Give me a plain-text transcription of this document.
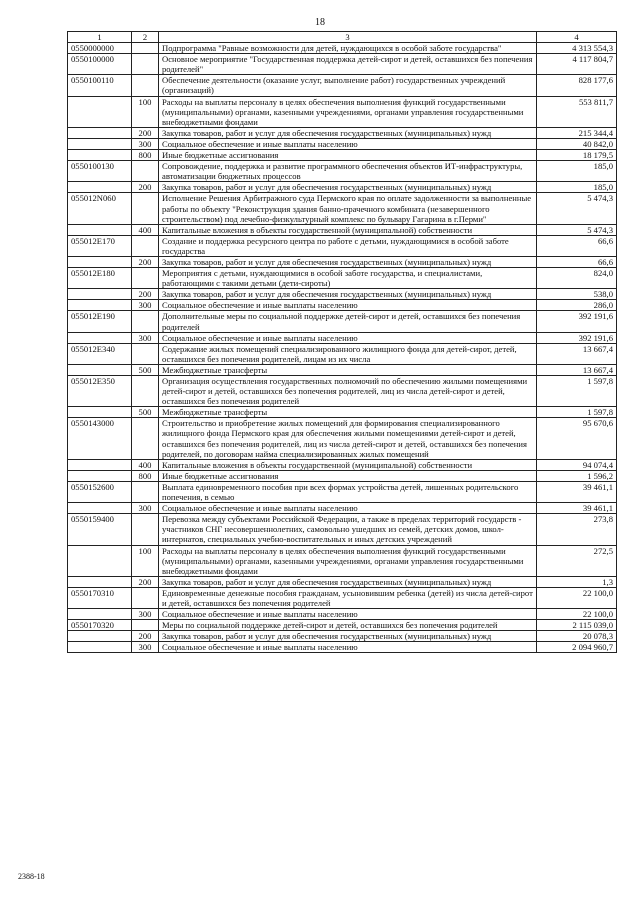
18
1	2	3	4
0550000000		Подпрограмма "Равные возможности для детей, нуждающихся в особой заботе государства"	4 313 554,3
0550100000		Основное мероприятие "Государственная поддержка детей-сирот и детей, оставшихся без попечения родителей"	4 117 804,7
0550100110		Обеспечение деятельности (оказание услуг, выполнение работ) государственных учреждений (организаций)	828 177,6
	100	Расходы на выплаты персоналу в целях обеспечения выполнения функций государственными (муниципальными) органами, казенными учреждениями, органами управления государственными внебюджетными фондами	553 811,7
	200	Закупка товаров, работ и услуг для обеспечения государственных (муниципальных) нужд	215 344,4
	300	Социальное обеспечение и иные выплаты населению	40 842,0
	800	Иные бюджетные ассигнования	18 179,5
0550100130		Сопровождение, поддержка и развитие программного обеспечения объектов ИТ-инфраструктуры, автоматизации бюджетных процессов	185,0
	200	Закупка товаров, работ и услуг для обеспечения государственных (муниципальных) нужд	185,0
055012N060		Исполнение Решения Арбитражного суда Пермского края по оплате задолженности за выполненные работы по объекту "Реконструкция здания банно-прачечного комбината (незавершенного строительством) под лечебно-физкультурный комплекс по бульвару Гагарина в г.Перми"	5 474,3
	400	Капитальные вложения в объекты государственной (муниципальной) собственности	5 474,3
055012Е170		Создание и поддержка ресурсного центра по работе с детьми, нуждающимися в особой заботе государства	66,6
	200	Закупка товаров, работ и услуг для обеспечения государственных (муниципальных) нужд	66,6
055012Е180		Мероприятия с детьми, нуждающимися в особой заботе государства, и специалистами, работающими с такими детьми (дети-сироты)	824,0
	200	Закупка товаров, работ и услуг для обеспечения государственных (муниципальных) нужд	538,0
	300	Социальное обеспечение и иные выплаты населению	286,0
055012Е190		Дополнительные меры по социальной поддержке детей-сирот и детей, оставшихся без попечения родителей	392 191,6
	300	Социальное обеспечение и иные выплаты населению	392 191,6
055012Е340		Содержание жилых помещений специализированного жилищного фонда для детей-сирот, детей, оставшихся без попечения родителей, лицам из их числа	13 667,4
	500	Межбюджетные трансферты	13 667,4
055012Е350		Организация осуществления государственных полномочий по обеспечению жилыми помещениями детей-сирот и детей, оставшихся без попечения родителей, лиц из числа детей-сирот и детей, оставшихся без попечения родителей	1 597,8
	500	Межбюджетные трансферты	1 597,8
0550143000		Строительство и приобретение жилых помещений для формирования специализированного жилищного фонда Пермского края для обеспечения жилыми помещениями детей-сирот и детей, оставшихся без попечения родителей, лиц из числа детей-сирот и детей, оставшихся без попечения родителей, по договорам найма специализированных жилых помещений	95 670,6
	400	Капитальные вложения в объекты государственной (муниципальной) собственности	94 074,4
	800	Иные бюджетные ассигнования	1 596,2
0550152600		Выплата единовременного пособия при всех формах устройства детей, лишенных родительского попечения, в семью	39 461,1
	300	Социальное обеспечение и иные выплаты населению	39 461,1
0550159400		Перевозка между субъектами Российской Федерации, а также в пределах территорий государств - участников СНГ несовершеннолетних, самовольно ушедших из семей, детских домов, школ-интернатов, специальных учебно-воспитательных и иных детских учреждений	273,8
	100	Расходы на выплаты персоналу в целях обеспечения выполнения функций государственными (муниципальными) органами, казенными учреждениями, органами управления государственными внебюджетными фондами	272,5
	200	Закупка товаров, работ и услуг для обеспечения государственных (муниципальных) нужд	1,3
0550170310		Единовременные денежные пособия гражданам, усыновившим ребенка (детей) из числа детей-сирот и детей, оставшихся без попечения родителей	22 100,0
	300	Социальное обеспечение и иные выплаты населению	22 100,0
0550170320		Меры по социальной поддержке детей-сирот и детей, оставшихся без попечения родителей	2 115 039,0
	200	Закупка товаров, работ и услуг для обеспечения государственных (муниципальных) нужд	20 078,3
	300	Социальное обеспечение и иные выплаты населению	2 094 960,7
2388-18
